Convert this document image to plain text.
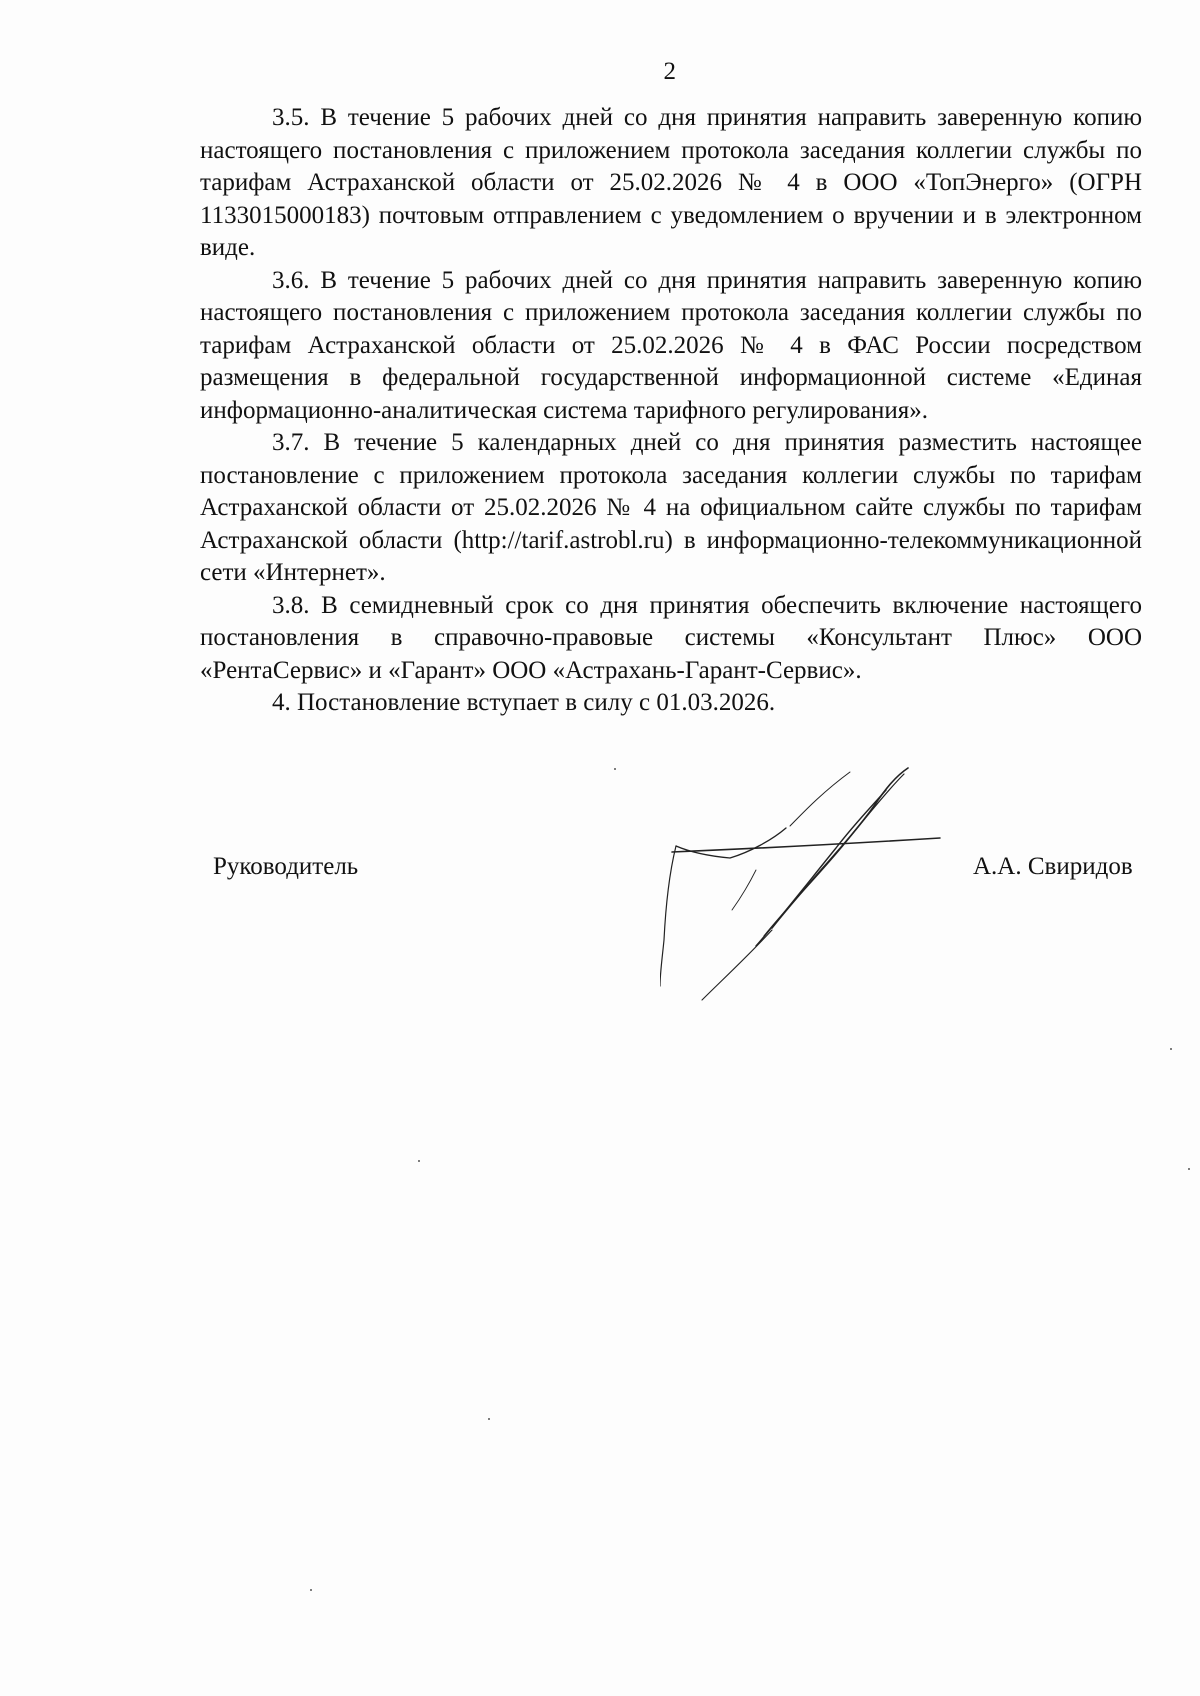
2

3.5. В течение 5 рабочих дней со дня принятия направить заверенную копию настоящего постановления с приложением протокола заседания коллегии службы по тарифам Астраханской области от 25.02.2026 № 4 в ООО «ТопЭнерго» (ОГРН 1133015000183) почтовым отправлением с уведомлением о вручении и в электронном виде.

3.6. В течение 5 рабочих дней со дня принятия направить заверенную копию настоящего постановления с приложением протокола заседания коллегии службы по тарифам Астраханской области от 25.02.2026 № 4 в ФАС России посредством размещения в федеральной государственной информационной системе «Единая информационно-аналитическая система тарифного регулирования».

3.7. В течение 5 календарных дней со дня принятия разместить настоящее постановление с приложением протокола заседания коллегии службы по тарифам Астраханской области от 25.02.2026 № 4 на официальном сайте службы по тарифам Астраханской области (http://tarif.astrobl.ru) в информационно-телекоммуникационной сети «Интернет».

3.8. В семидневный срок со дня принятия обеспечить включение настоящего постановления в справочно-правовые системы «Консультант Плюс» ООО «РентаСервис» и «Гарант» ООО «Астрахань-Гарант-Сервис».

4. Постановление вступает в силу с 01.03.2026.

Руководитель	А.А. Свиридов
